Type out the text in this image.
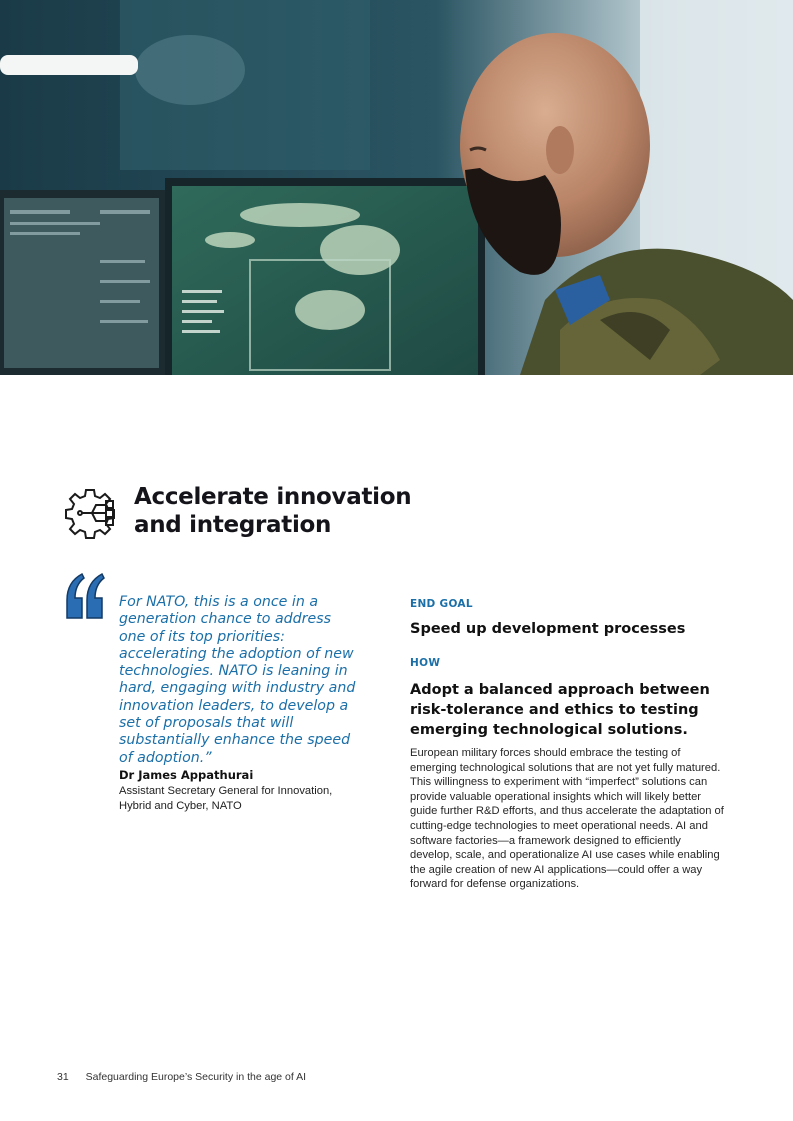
Accelerate innovation
and integration

For NATO, this is a once in a generation chance to address one of its top priorities: accelerating the adoption of new technologies. NATO is leaning in hard, engaging with industry and innovation leaders, to develop a set of proposals that will substantially enhance the speed of adoption.”

Dr James Appathurai
Assistant Secretary General for Innovation, Hybrid and Cyber, NATO
END GOAL
Speed up development processes
HOW
Adopt a balanced approach between risk-tolerance and ethics to testing emerging technological solutions.

European military forces should embrace the testing of emerging technological solutions that are not yet fully matured. This willingness to experiment with “imperfect” solutions can provide valuable operational insights which will likely better guide further R&D efforts, and thus accelerate the adaptation of cutting-edge technologies to meet operational needs. AI and software factories—a framework designed to efficiently develop, scale, and operationalize AI use cases while enabling the agile creation of new AI applications—could offer a way forward for defense organizations.

31 Safeguarding Europe’s Security in the age of AI
